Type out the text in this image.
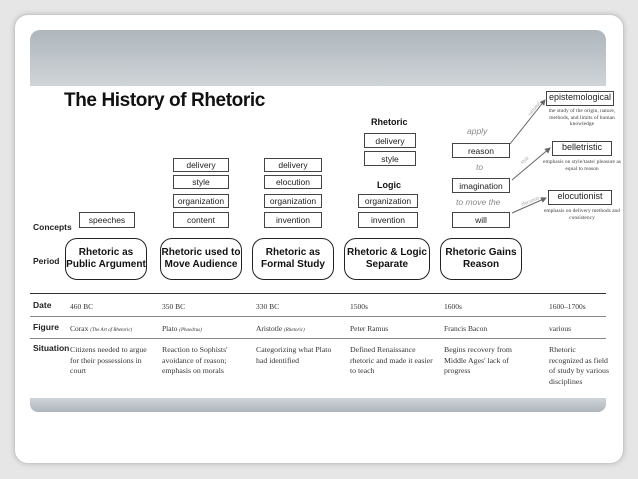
The History of Rhetoric
Concepts
Period
Date
Figure
Situation
speeches
Rhetoric as
Public Argument
460 BC
Corax (The Art of Rhetoric)
Citizens needed to argue for their possessions in court
delivery
style
organization
content
Rhetoric used to
Move Audience
350 BC
Plato (Phaedrus)
Reaction to Sophists' avoidance of reason; emphasis on morals
delivery
elocution
organization
invention
Rhetoric as
Formal Study
330 BC
Aristotle (Rhetoric)
Categorizing what Plato had identified
Rhetoric
delivery
style
Logic
organization
invention
Rhetoric & Logic
Separate
1500s
Peter Ramus
Defined Renaissance rhetoric and made it easier to teach
apply
reason
to
imagination
to move the
will
Rhetoric Gains
Reason
1600s
Francis Bacon
Begins recovery from Middle Ages' lack of progress
1600–1700s
various
Rhetoric recognized as field of study by various disciplines
epistemological
the study of the origin, nature, methods, and limits of human knowledge
belletristic
emphasis on style/taste/ pleasure as equal to reason
elocutionist
emphasis on delivery methods and consistency
rational
style
elocution
